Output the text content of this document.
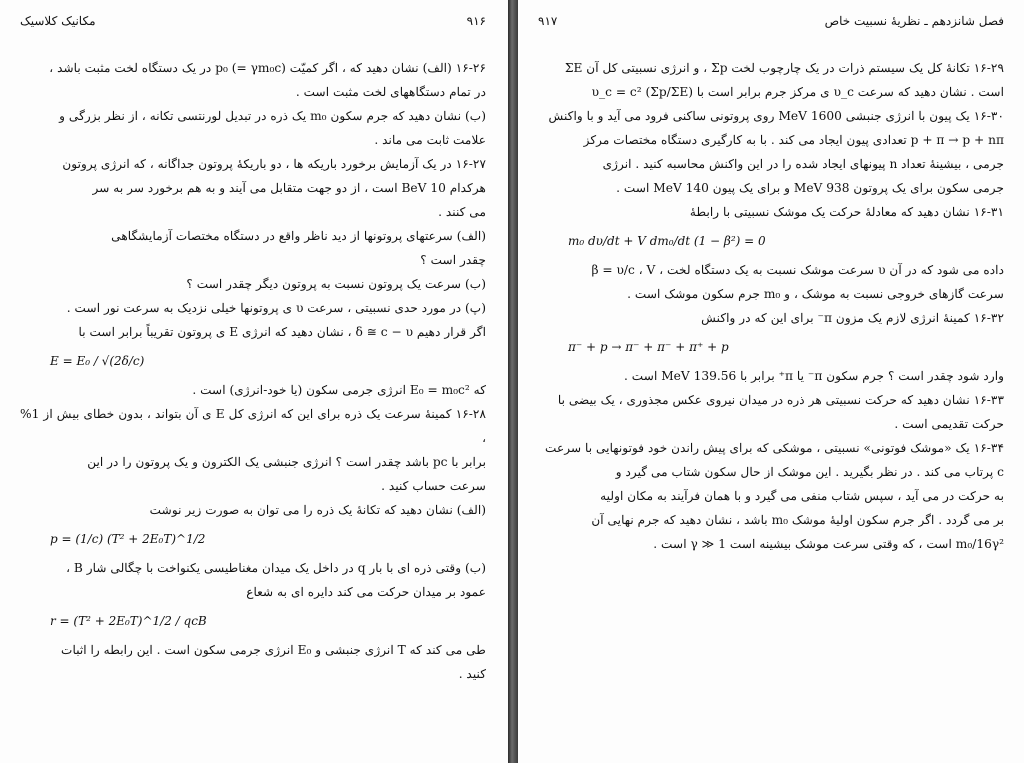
۹۱۶
مکانیک کلاسیک

۱۶-۲۶ (الف) نشان دهید که ، اگر کمیّت (p₀ (= γm₀c در یک دستگاه لخت مثبت باشد ،

در تمام دستگاههای لخت مثبت است .

(ب) نشان دهید که جرم سکون m₀ یک ذره در تبدیل لورنتسی تکانه ، از نظر بزرگی و

علامت ثابت می ماند .

۱۶-۲۷ در یک آزمایش برخورد باریکه ها ، دو باریکهٔ پروتون جداگانه ، که انرژی پروتون

هرکدام 10 BeV است ، از دو جهت متقابل می آیند و به هم برخورد سر به سر

می کنند .

(الف) سرعتهای پروتونها از دید ناظر واقع در دستگاه مختصات آزمایشگاهی

چقدر است ؟

(ب) سرعت یک پروتون نسبت به پروتون دیگر چقدر است ؟

(پ) در مورد حدی نسبیتی ، سرعت υ ی پروتونها خیلی نزدیک به سرعت نور است .

اگر قرار دهیم δ ≅ c − υ ، نشان دهید که انرژی E ی پروتون تقریباً برابر است با

E = E₀ / √(2δ/c)

که E₀ = m₀c² انرژی جرمی سکون (یا خود-انرژی) است .

۱۶-۲۸ کمینهٔ سرعت یک ذره برای این که انرژی کل E ی آن بتواند ، بدون خطای بیش از 1% ،

برابر با pc باشد چقدر است ؟ انرژی جنبشی یک الکترون و یک پروتون را در این

سرعت حساب کنید .

(الف) نشان دهید که تکانهٔ یک ذره را می توان به صورت زیر نوشت

p = (1/c) (T² + 2E₀T)^1/2

(ب) وقتی ذره ای با بار q در داخل یک میدان مغناطیسی یکنواخت با چگالی شار B ،

عمود بر میدان حرکت می کند دایره ای به شعاع

r = (T² + 2E₀T)^1/2 / qcB

طی می کند که T انرژی جنبشی و E₀ انرژی جرمی سکون است . این رابطه را اثبات

کنید .

فصل شانزدهم ـ نظریهٔ نسبیت خاص
۹۱۷

۱۶-۲۹ تکانهٔ کل یک سیستم ذرات در یک چارچوب لخت Σp ، و انرژی نسبیتی کل آن ΣE

است . نشان دهید که سرعت υ_c ی مرکز جرم برابر است با (υ_c = c² (Σp/ΣE

۱۶-۳۰ یک پیون با انرژی جنبشی 1600 MeV روی پروتونی ساکنی فرود می آید و با واکنش

p + π → p + nπ تعدادی پیون ایجاد می کند . با به کارگیری دستگاه مختصات مرکز

جرمی ، بیشینهٔ تعداد n پیونهای ایجاد شده را در این واکنش محاسبه کنید . انرژی

جرمی سکون برای یک پروتون 938 MeV و برای یک پیون 140 MeV است .

۱۶-۳۱ نشان دهید که معادلهٔ حرکت یک موشک نسبیتی با رابطهٔ

m₀ dυ/dt + V dm₀/dt (1 − β²) = 0

داده می شود که در آن υ سرعت موشک نسبت به یک دستگاه لخت ، β = υ/c ، V

سرعت گازهای خروجی نسبت به موشک ، و m₀ جرم سکون موشک است .

۱۶-۳۲ کمینهٔ انرژی لازم یک مزون π⁻ برای این که در واکنش

π⁻ + p → π⁻ + π⁻ + π⁺ + p

وارد شود چقدر است ؟ جرم سکون π⁻ یا π⁺ برابر با 139.56 MeV است .

۱۶-۳۳ نشان دهید که حرکت نسبیتی هر ذره در میدان نیروی عکس مجذوری ، یک بیضی با

حرکت تقدیمی است .

۱۶-۳۴ یک «موشک فوتونی» نسبیتی ، موشکی که برای پیش راندن خود فوتونهایی با سرعت

c پرتاب می کند . در نظر بگیرید . این موشک از حال سکون شتاب می گیرد و

به حرکت در می آید ، سپس شتاب منفی می گیرد و با همان فرآیند به مکان اولیه

بر می گردد . اگر جرم سکون اولیهٔ موشک m₀ باشد ، نشان دهید که جرم نهایی آن

m₀/16γ² است ، که وقتی سرعت موشک بیشینه است γ ≫ 1 است .
